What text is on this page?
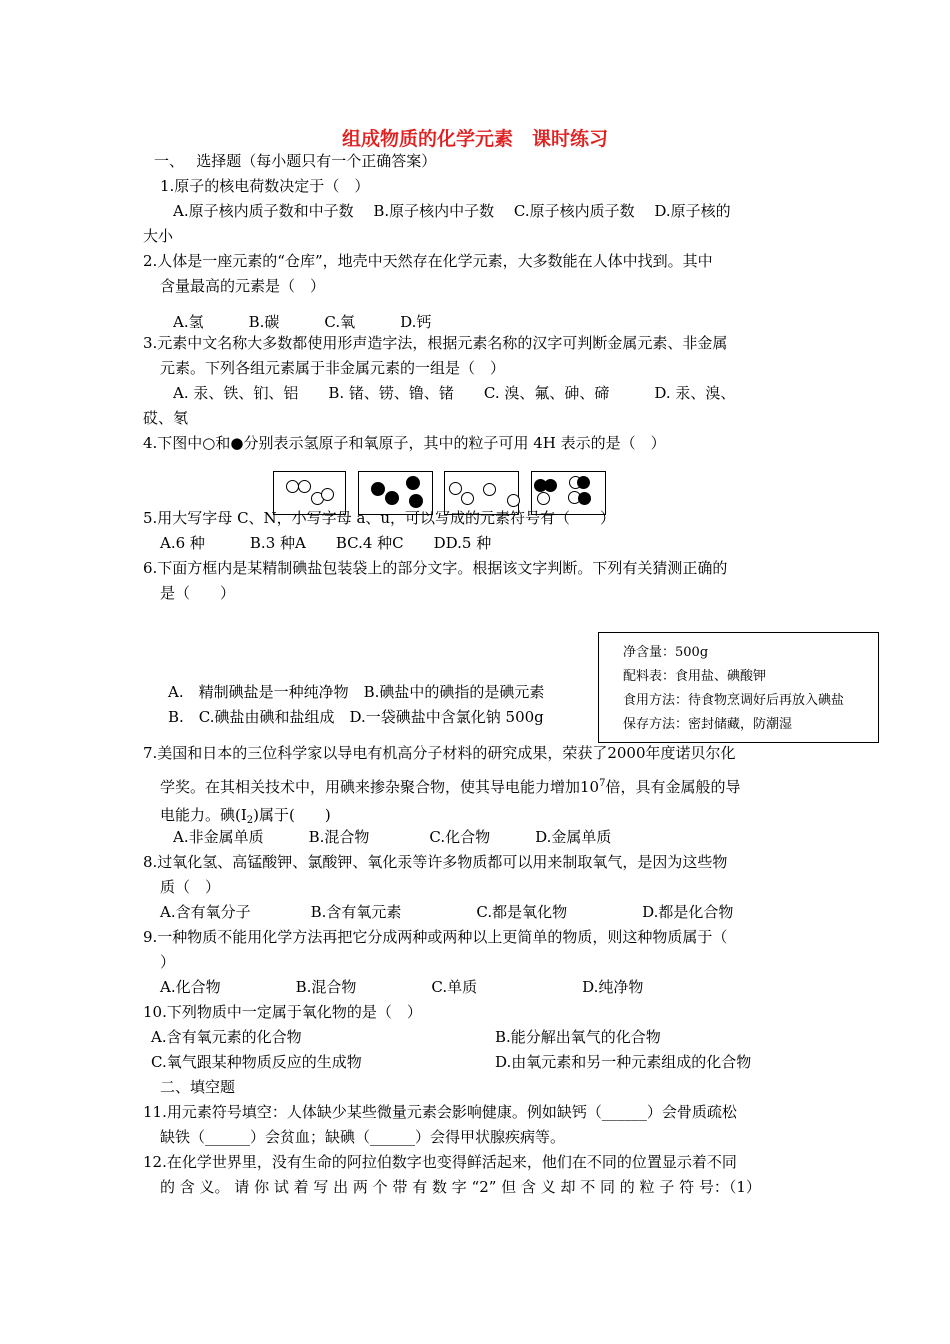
组成物质的化学元素　课时练习
一、　 选择题（每小题只有一个正确答案）
1.原子的核电荷数决定于（　）
A.原子核内质子数和中子数　 B.原子核内中子数　 C.原子核内质子数　 D.原子核的
大小
2.人体是一座元素的“仓库”，地壳中天然存在化学元素，大多数能在人体中找到。其中
含量最高的元素是（　）
A.氢　　　B.碳　　　C.氧　　　D.钙
3.元素中文名称大多数都使用形声造字法，根据元素名称的汉字可判断金属元素、非金属
元素。下列各组元素属于非金属元素的一组是（　）
A. 汞、铁、钔、铝　　B. 锗、铹、镥、锗　　C. 溴、氟、砷、碲　　　D. 汞、溴、
砹、氡
4.下图中○和●分别表示氢原子和氧原子，其中的粒子可用 4H 表示的是（　）
5.用大写字母 C、N，小写字母 a、u，可以写成的元素符号有（　　）
A.6 种　　　B.3 种A　　BC.4 种C　　DD.5 种
6.下面方框内是某精制碘盐包装袋上的部分文字。根据该文字判断。下列有关猜测正确的
是（　　）
A.　精制碘盐是一种纯净物　B.碘盐中的碘指的是碘元素
B.　C.碘盐由碘和盐组成　D.一袋碘盐中含氯化钠 500g
净含量：500g
配料表：食用盐、碘酸钾
食用方法：待食物烹调好后再放入碘盐
保存方法：密封储藏，防潮湿
7.美国和日本的三位科学家以导电有机高分子材料的研究成果，荣获了2000年度诺贝尔化
学奖。在其相关技术中，用碘来掺杂聚合物，使其导电能力增加$10^7$倍，具有金属般的导
电能力。碘$(I_2)$属于(　　)
A.非金属单质　　　B.混合物　　　　C.化合物　　　D.金属单质
8.过氧化氢、高锰酸钾、氯酸钾、氧化汞等许多物质都可以用来制取氧气，是因为这些物
质（　）
A.含有氧分子　　　　B.含有氧元素　　　　　C.都是氧化物　　　　　D.都是化合物
9.一种物质不能用化学方法再把它分成两种或两种以上更简单的物质，则这种物质属于（
）
A.化合物　　　　　B.混合物　　　　　C.单质　　　　　　　D.纯净物
10.下列物质中一定属于氧化物的是（　）
A.含有氧元素的化合物	B.能分解出氧气的化合物
C.氧气跟某种物质反应的生成物	D.由氧元素和另一种元素组成的化合物
二、填空题
11.用元素符号填空：人体缺少某些微量元素会影响健康。例如缺钙（______）会骨质疏松
缺铁（______）会贫血；缺碘（______）会得甲状腺疾病等。
12.在化学世界里，没有生命的阿拉伯数字也变得鲜活起来，他们在不同的位置显示着不同
的 含 义。 请 你 试 着 写 出 两 个 带 有 数 字 “2” 但 含 义 却 不 同 的 粒 子 符 号：（1）
